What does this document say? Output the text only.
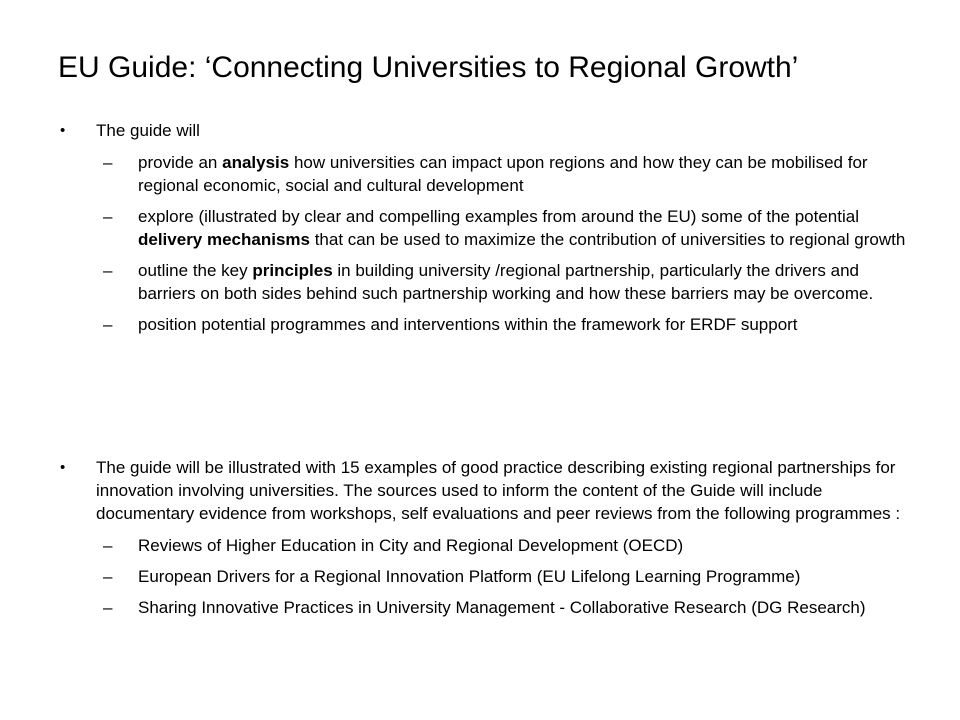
EU Guide: ‘Connecting Universities to Regional Growth’
•	The guide will
–	provide an analysis how universities can impact upon regions and how they can be mobilised for regional economic, social and cultural development
–	explore (illustrated by clear and compelling examples from around the EU) some of the potential delivery mechanisms that can be used to maximize the contribution of universities to regional growth
–	outline the key principles in building university /regional partnership, particularly the drivers and barriers on both sides behind such partnership working and how these barriers may be overcome.
–	position potential programmes and interventions within the framework for ERDF support
•	The guide will be illustrated with 15 examples of good practice describing existing regional partnerships for innovation involving universities. The sources used to inform the content of the Guide will include documentary evidence from workshops, self evaluations and peer reviews from the following programmes :
–	Reviews of Higher Education in City and Regional Development (OECD)
–	European Drivers for a Regional Innovation Platform (EU Lifelong Learning Programme)
–	Sharing Innovative Practices in University Management - Collaborative Research (DG Research)
